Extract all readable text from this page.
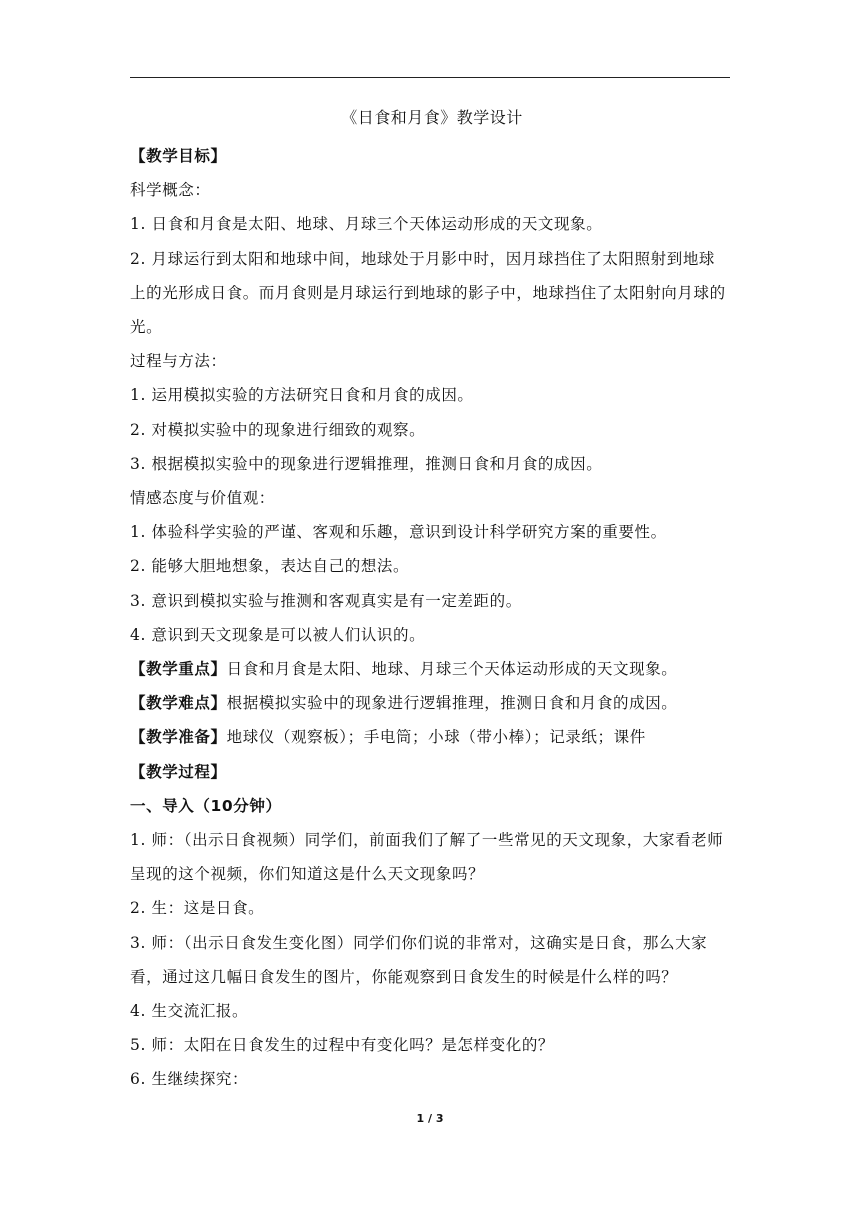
《日食和月食》教学设计
【教学目标】
科学概念：
1. 日食和月食是太阳、地球、月球三个天体运动形成的天文现象。
2. 月球运行到太阳和地球中间，地球处于月影中时，因月球挡住了太阳照射到地球上的光形成日食。而月食则是月球运行到地球的影子中，地球挡住了太阳射向月球的光。
过程与方法：
1. 运用模拟实验的方法研究日食和月食的成因。
2. 对模拟实验中的现象进行细致的观察。
3. 根据模拟实验中的现象进行逻辑推理，推测日食和月食的成因。
情感态度与价值观：
1. 体验科学实验的严谨、客观和乐趣，意识到设计科学研究方案的重要性。
2. 能够大胆地想象，表达自己的想法。
3. 意识到模拟实验与推测和客观真实是有一定差距的。
4. 意识到天文现象是可以被人们认识的。
【教学重点】日食和月食是太阳、地球、月球三个天体运动形成的天文现象。
【教学难点】根据模拟实验中的现象进行逻辑推理，推测日食和月食的成因。
【教学准备】地球仪（观察板）；手电筒；小球（带小棒）；记录纸；课件
【教学过程】
一、导入（10分钟）
1. 师：（出示日食视频）同学们，前面我们了解了一些常见的天文现象，大家看老师呈现的这个视频，你们知道这是什么天文现象吗？
2. 生：这是日食。
3. 师：（出示日食发生变化图）同学们你们说的非常对，这确实是日食，那么大家看，通过这几幅日食发生的图片，你能观察到日食发生的时候是什么样的吗？
4. 生交流汇报。
5. 师：太阳在日食发生的过程中有变化吗？是怎样变化的？
6. 生继续探究：
1 / 3
